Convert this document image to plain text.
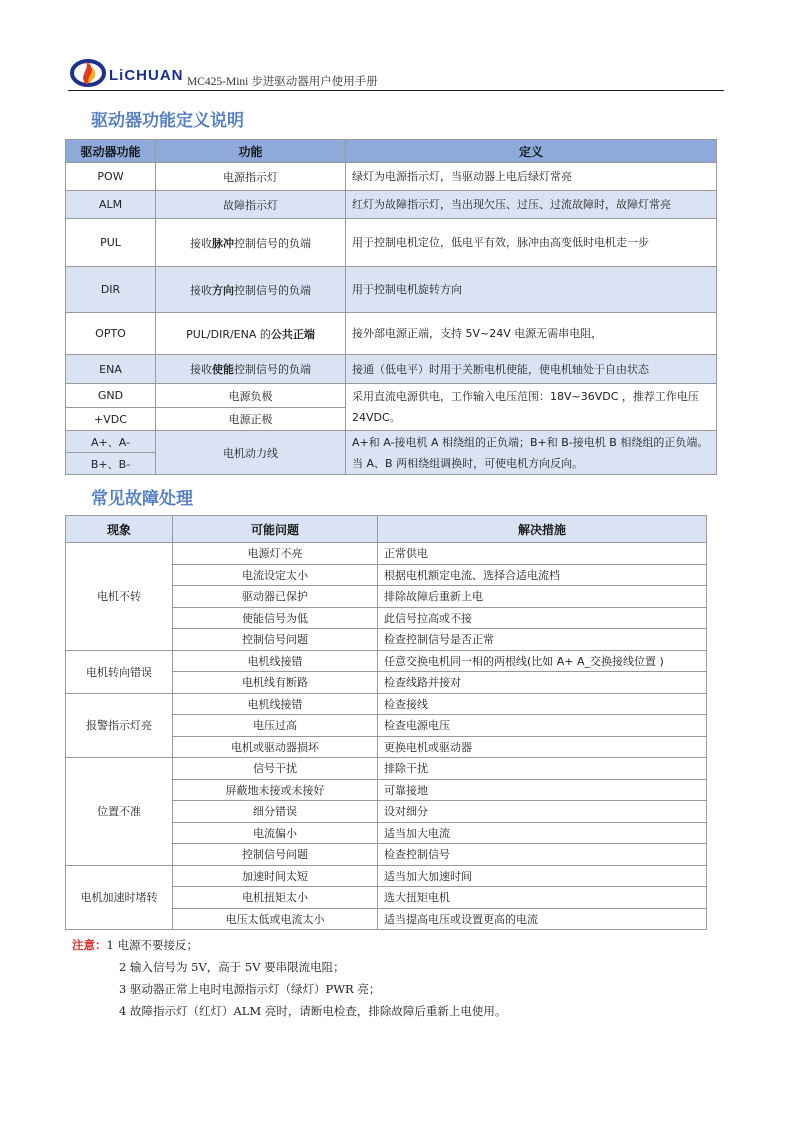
LiCHUAN MC425-Mini 步进驱动器用户使用手册
驱动器功能定义说明
驱动器功能	功能	定义
POW	电源指示灯	绿灯为电源指示灯，当驱动器上电后绿灯常亮
ALM	故障指示灯	红灯为故障指示灯，当出现欠压、过压、过流故障时，故障灯常亮
PUL	接收脉冲控制信号的负端	用于控制电机定位，低电平有效，脉冲由高变低时电机走一步
DIR	接收方向控制信号的负端	用于控制电机旋转方向
OPTO	PUL/DIR/ENA 的公共正端	接外部电源正端，支持 5V~24V 电源无需串电阻，
ENA	接收使能控制信号的负端	接通（低电平）时用于关断电机使能，使电机轴处于自由状态
GND	电源负极	采用直流电源供电，工作输入电压范围：18V~36VDC ，推荐工作电压 24VDC。
+VDC	电源正极	
A+、A-	电机动力线	A+和 A-接电机 A 相绕组的正负端；B+和 B-接电机 B 相绕组的正负端。当 A、B 两相绕组调换时，可使电机方向反向。
B+、B-		
常见故障处理
现象	可能问题	解决措施
电机不转	电源灯不亮	正常供电
	电流设定太小	根据电机额定电流、选择合适电流档
	驱动器已保护	排除故障后重新上电
	使能信号为低	此信号拉高或不接
	控制信号问题	检查控制信号是否正常
电机转向错误	电机线接错	任意交换电机同一相的两根线(比如 A+ A_交换接线位置 )
	电机线有断路	检查线路并接对
报警指示灯亮	电机线接错	检查接线
	电压过高	检查电源电压
	电机或驱动器损坏	更换电机或驱动器
位置不准	信号干扰	排除干扰
	屏蔽地未接或未接好	可靠接地
	细分错误	设对细分
	电流偏小	适当加大电流
	控制信号问题	检查控制信号
电机加速时堵转	加速时间太短	适当加大加速时间
	电机扭矩太小	选大扭矩电机
	电压太低或电流太小	适当提高电压或设置更高的电流
注意：1 电源不要接反；
2 输入信号为 5V，高于 5V 要串限流电阻；
3 驱动器正常上电时电源指示灯（绿灯）PWR 亮；
4 故障指示灯（红灯）ALM 亮时，请断电检查，排除故障后重新上电使用。
